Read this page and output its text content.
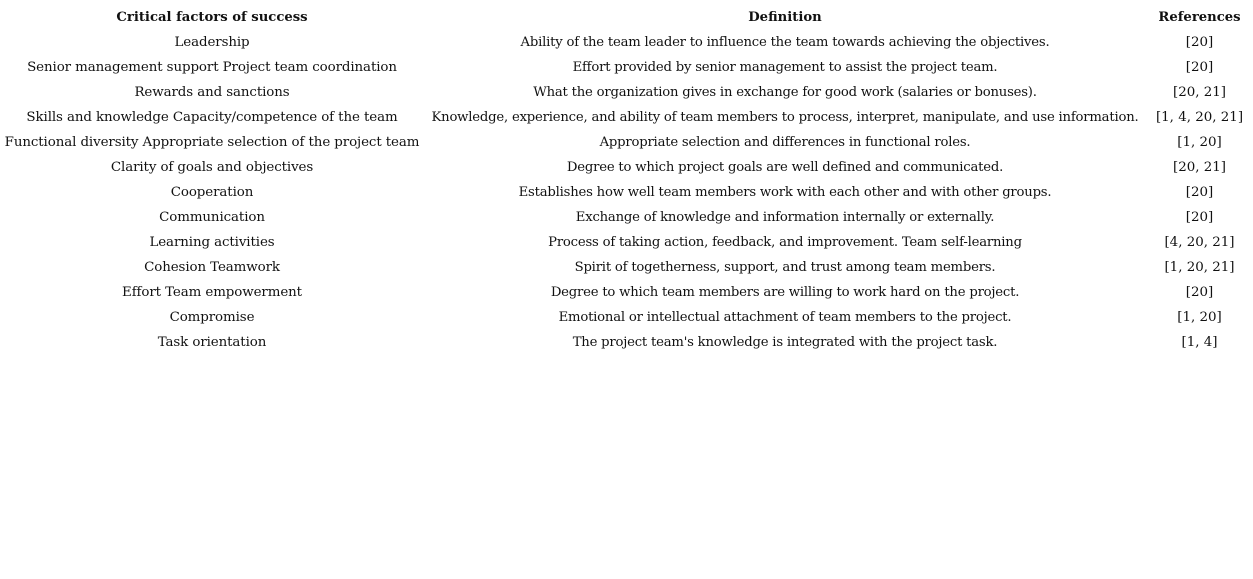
Critical factors of success	Definition	References
Leadership	Ability of the team leader to influence the team towards achieving the objectives.	[20]
Senior management support Project team coordination	Effort provided by senior management to assist the project team.	[20]
Rewards and sanctions	What the organization gives in exchange for good work (salaries or bonuses).	[20, 21]
Skills and knowledge Capacity/competence of the team	Knowledge, experience, and ability of team members to process, interpret, manipulate, and use information.	[1, 4, 20, 21]
Functional diversity Appropriate selection of the project team	Appropriate selection and differences in functional roles.	[1, 20]
Clarity of goals and objectives	Degree to which project goals are well defined and communicated.	[20, 21]
Cooperation	Establishes how well team members work with each other and with other groups.	[20]
Communication	Exchange of knowledge and information internally or externally.	[20]
Learning activities	Process of taking action, feedback, and improvement. Team self-learning	[4, 20, 21]
Cohesion Teamwork	Spirit of togetherness, support, and trust among team members.	[1, 20, 21]
Effort Team empowerment	Degree to which team members are willing to work hard on the project.	[20]
Compromise	Emotional or intellectual attachment of team members to the project.	[1, 20]
Task orientation	The project team's knowledge is integrated with the project task.	[1, 4]
